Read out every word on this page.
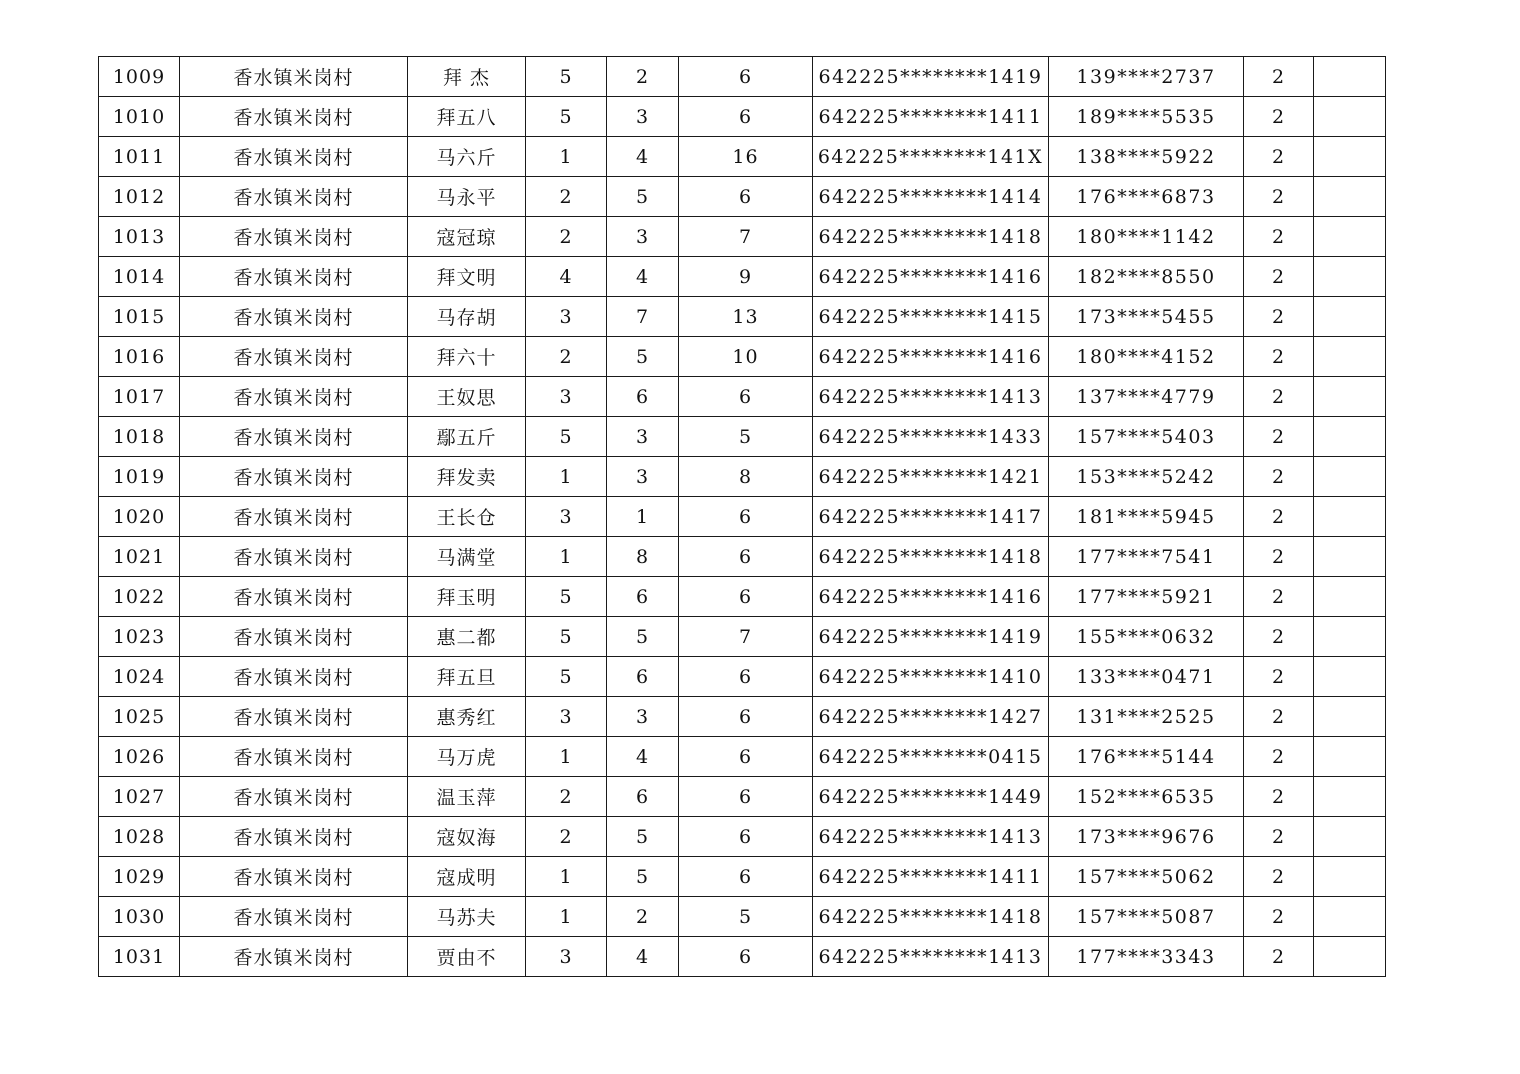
1009	香水镇米岗村	拜 杰	5	2	6	642225********1419	139****2737	2	
1010	香水镇米岗村	拜五八	5	3	6	642225********1411	189****5535	2	
1011	香水镇米岗村	马六斤	1	4	16	642225********141X	138****5922	2	
1012	香水镇米岗村	马永平	2	5	6	642225********1414	176****6873	2	
1013	香水镇米岗村	寇冠琼	2	3	7	642225********1418	180****1142	2	
1014	香水镇米岗村	拜文明	4	4	9	642225********1416	182****8550	2	
1015	香水镇米岗村	马存胡	3	7	13	642225********1415	173****5455	2	
1016	香水镇米岗村	拜六十	2	5	10	642225********1416	180****4152	2	
1017	香水镇米岗村	王奴思	3	6	6	642225********1413	137****4779	2	
1018	香水镇米岗村	鄢五斤	5	3	5	642225********1433	157****5403	2	
1019	香水镇米岗村	拜发卖	1	3	8	642225********1421	153****5242	2	
1020	香水镇米岗村	王长仓	3	1	6	642225********1417	181****5945	2	
1021	香水镇米岗村	马满堂	1	8	6	642225********1418	177****7541	2	
1022	香水镇米岗村	拜玉明	5	6	6	642225********1416	177****5921	2	
1023	香水镇米岗村	惠二都	5	5	7	642225********1419	155****0632	2	
1024	香水镇米岗村	拜五旦	5	6	6	642225********1410	133****0471	2	
1025	香水镇米岗村	惠秀红	3	3	6	642225********1427	131****2525	2	
1026	香水镇米岗村	马万虎	1	4	6	642225********0415	176****5144	2	
1027	香水镇米岗村	温玉萍	2	6	6	642225********1449	152****6535	2	
1028	香水镇米岗村	寇奴海	2	5	6	642225********1413	173****9676	2	
1029	香水镇米岗村	寇成明	1	5	6	642225********1411	157****5062	2	
1030	香水镇米岗村	马苏夫	1	2	5	642225********1418	157****5087	2	
1031	香水镇米岗村	贾由不	3	4	6	642225********1413	177****3343	2	
